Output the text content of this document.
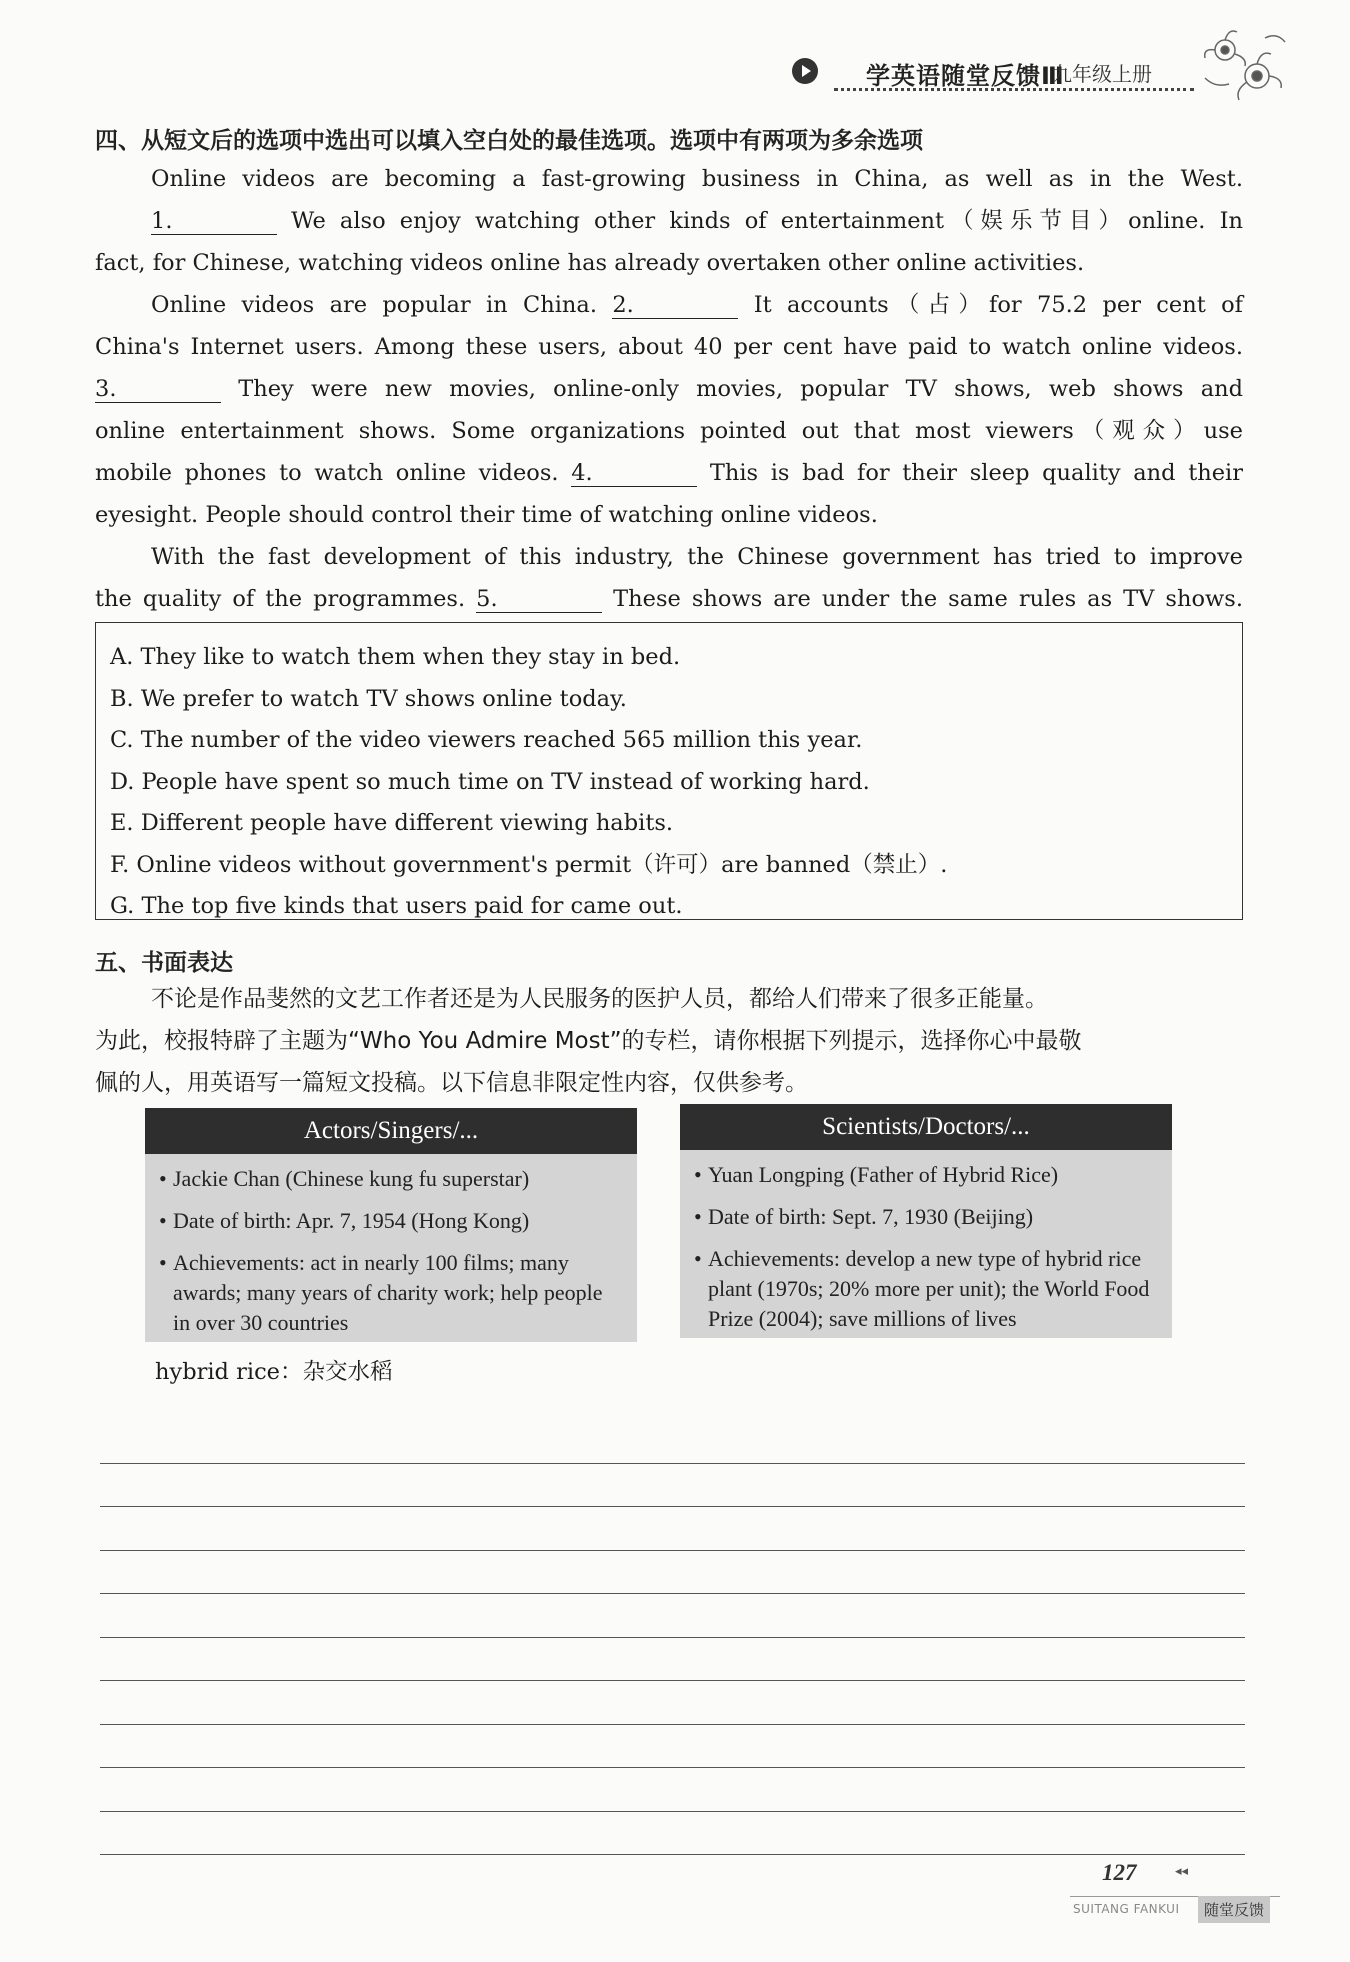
学英语随堂反馈Ⅲ
九年级上册
四、从短文后的选项中选出可以填入空白处的最佳选项。选项中有两项为多余选项
Online videos are becoming a fast-growing business in China, as well as in the West.
1.	We also enjoy watching other kinds of entertainment（娱乐节目）online. In
fact, for Chinese, watching videos online has already overtaken other online activities.
Online videos are popular in China. 2.	It accounts（占）for 75.2 per cent of
China's Internet users. Among these users, about 40 per cent have paid to watch online videos.
3.	They were new movies, online-only movies, popular TV shows, web shows and
online entertainment shows. Some organizations pointed out that most viewers（观众）use
mobile phones to watch online videos. 4.	This is bad for their sleep quality and their
eyesight. People should control their time of watching online videos.
With the fast development of this industry, the Chinese government has tried to improve
the quality of the programmes. 5.	These shows are under the same rules as TV shows.
A. They like to watch them when they stay in bed.
B. We prefer to watch TV shows online today.
C. The number of the video viewers reached 565 million this year.
D. People have spent so much time on TV instead of working hard.
E. Different people have different viewing habits.
F. Online videos without government's permit（许可）are banned（禁止）.
G. The top five kinds that users paid for came out.
五、书面表达
不论是作品斐然的文艺工作者还是为人民服务的医护人员，都给人们带来了很多正能量。
为此，校报特辟了主题为“Who You Admire Most”的专栏，请你根据下列提示，选择你心中最敬
佩的人，用英语写一篇短文投稿。以下信息非限定性内容，仅供参考。
Actors/Singers/...
• Jackie Chan (Chinese kung fu superstar)
• Date of birth: Apr. 7, 1954 (Hong Kong)
• Achievements: act in nearly 100 films; many awards; many years of charity work; help people in over 30 countries
Scientists/Doctors/...
• Yuan Longping (Father of Hybrid Rice)
• Date of birth: Sept. 7, 1930 (Beijing)
• Achievements: develop a new type of hybrid rice plant (1970s; 20% more per unit); the World Food Prize (2004); save millions of lives
hybrid rice：杂交水稻
127	◂◂
SUITANG FANKUI	随堂反馈
